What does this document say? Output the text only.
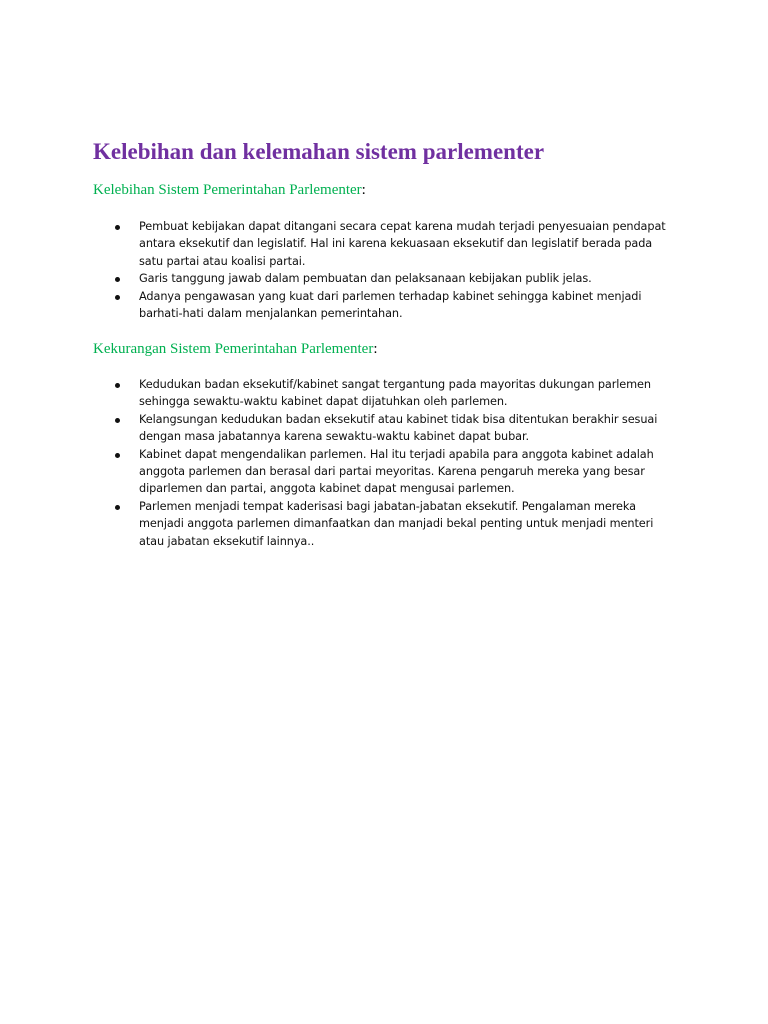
Kelebihan dan kelemahan sistem parlementer

Kelebihan Sistem Pemerintahan Parlementer:

Pembuat kebijakan dapat ditangani secara cepat karena mudah terjadi penyesuaian pendapat antara eksekutif dan legislatif. Hal ini karena kekuasaan eksekutif dan legislatif berada pada satu partai atau koalisi partai.
Garis tanggung jawab dalam pembuatan dan pelaksanaan kebijakan publik jelas.
Adanya pengawasan yang kuat dari parlemen terhadap kabinet sehingga kabinet menjadi barhati-hati dalam menjalankan pemerintahan.

Kekurangan Sistem Pemerintahan Parlementer:

Kedudukan badan eksekutif/kabinet sangat tergantung pada mayoritas dukungan parlemen sehingga sewaktu-waktu kabinet dapat dijatuhkan oleh parlemen.
Kelangsungan kedudukan badan eksekutif atau kabinet tidak bisa ditentukan berakhir sesuai dengan masa jabatannya karena sewaktu-waktu kabinet dapat bubar.
Kabinet dapat mengendalikan parlemen. Hal itu terjadi apabila para anggota kabinet adalah anggota parlemen dan berasal dari partai meyoritas. Karena pengaruh mereka yang besar diparlemen dan partai, anggota kabinet dapat mengusai parlemen.
Parlemen menjadi tempat kaderisasi bagi jabatan-jabatan eksekutif. Pengalaman mereka menjadi anggota parlemen dimanfaatkan dan manjadi bekal penting untuk menjadi menteri atau jabatan eksekutif lainnya..
